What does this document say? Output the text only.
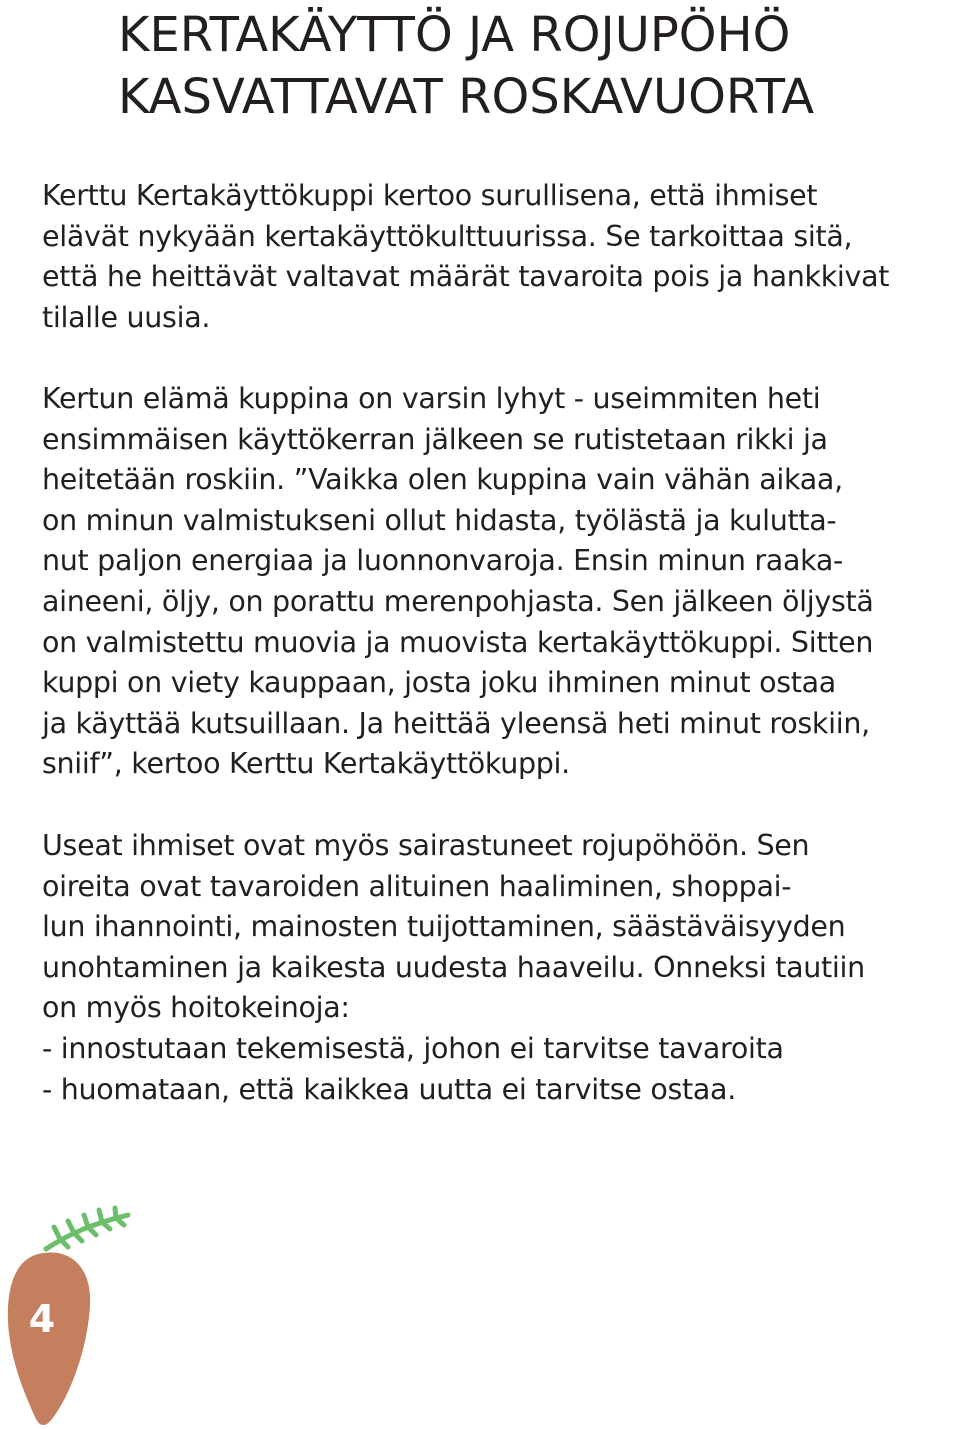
KERTAKÄYTTÖ JA ROJUPÖHÖ
KASVATTAVAT ROSKAVUORTA
Kerttu Kertakäyttökuppi kertoo surullisena, että ihmiset
elävät nykyään kertakäyttökulttuurissa. Se tarkoittaa sitä,
että he heittävät valtavat määrät tavaroita pois ja hankkivat
tilalle uusia.
Kertun elämä kuppina on varsin lyhyt - useimmiten heti
ensimmäisen käyttökerran jälkeen se rutistetaan rikki ja
heitetään roskiin. ”Vaikka olen kuppina vain vähän aikaa,
on minun valmistukseni ollut hidasta, työlästä ja kulutta-
nut paljon energiaa ja luonnonvaroja. Ensin minun raaka-
aineeni, öljy, on porattu merenpohjasta. Sen jälkeen öljystä
on valmistettu muovia ja muovista kertakäyttökuppi. Sitten
kuppi on viety kauppaan, josta joku ihminen minut ostaa
ja käyttää kutsuillaan. Ja heittää yleensä heti minut roskiin,
sniif”, kertoo Kerttu Kertakäyttökuppi.
Useat ihmiset ovat myös sairastuneet rojupöhöön. Sen
oireita ovat tavaroiden alituinen haaliminen, shoppai-
lun ihannointi, mainosten tuijottaminen, säästäväisyyden
unohtaminen ja kaikesta uudesta haaveilu. Onneksi tautiin
on myös hoitokeinoja:
- innostutaan tekemisestä, johon ei tarvitse tavaroita
- huomataan, että kaikkea uutta ei tarvitse ostaa.
4
